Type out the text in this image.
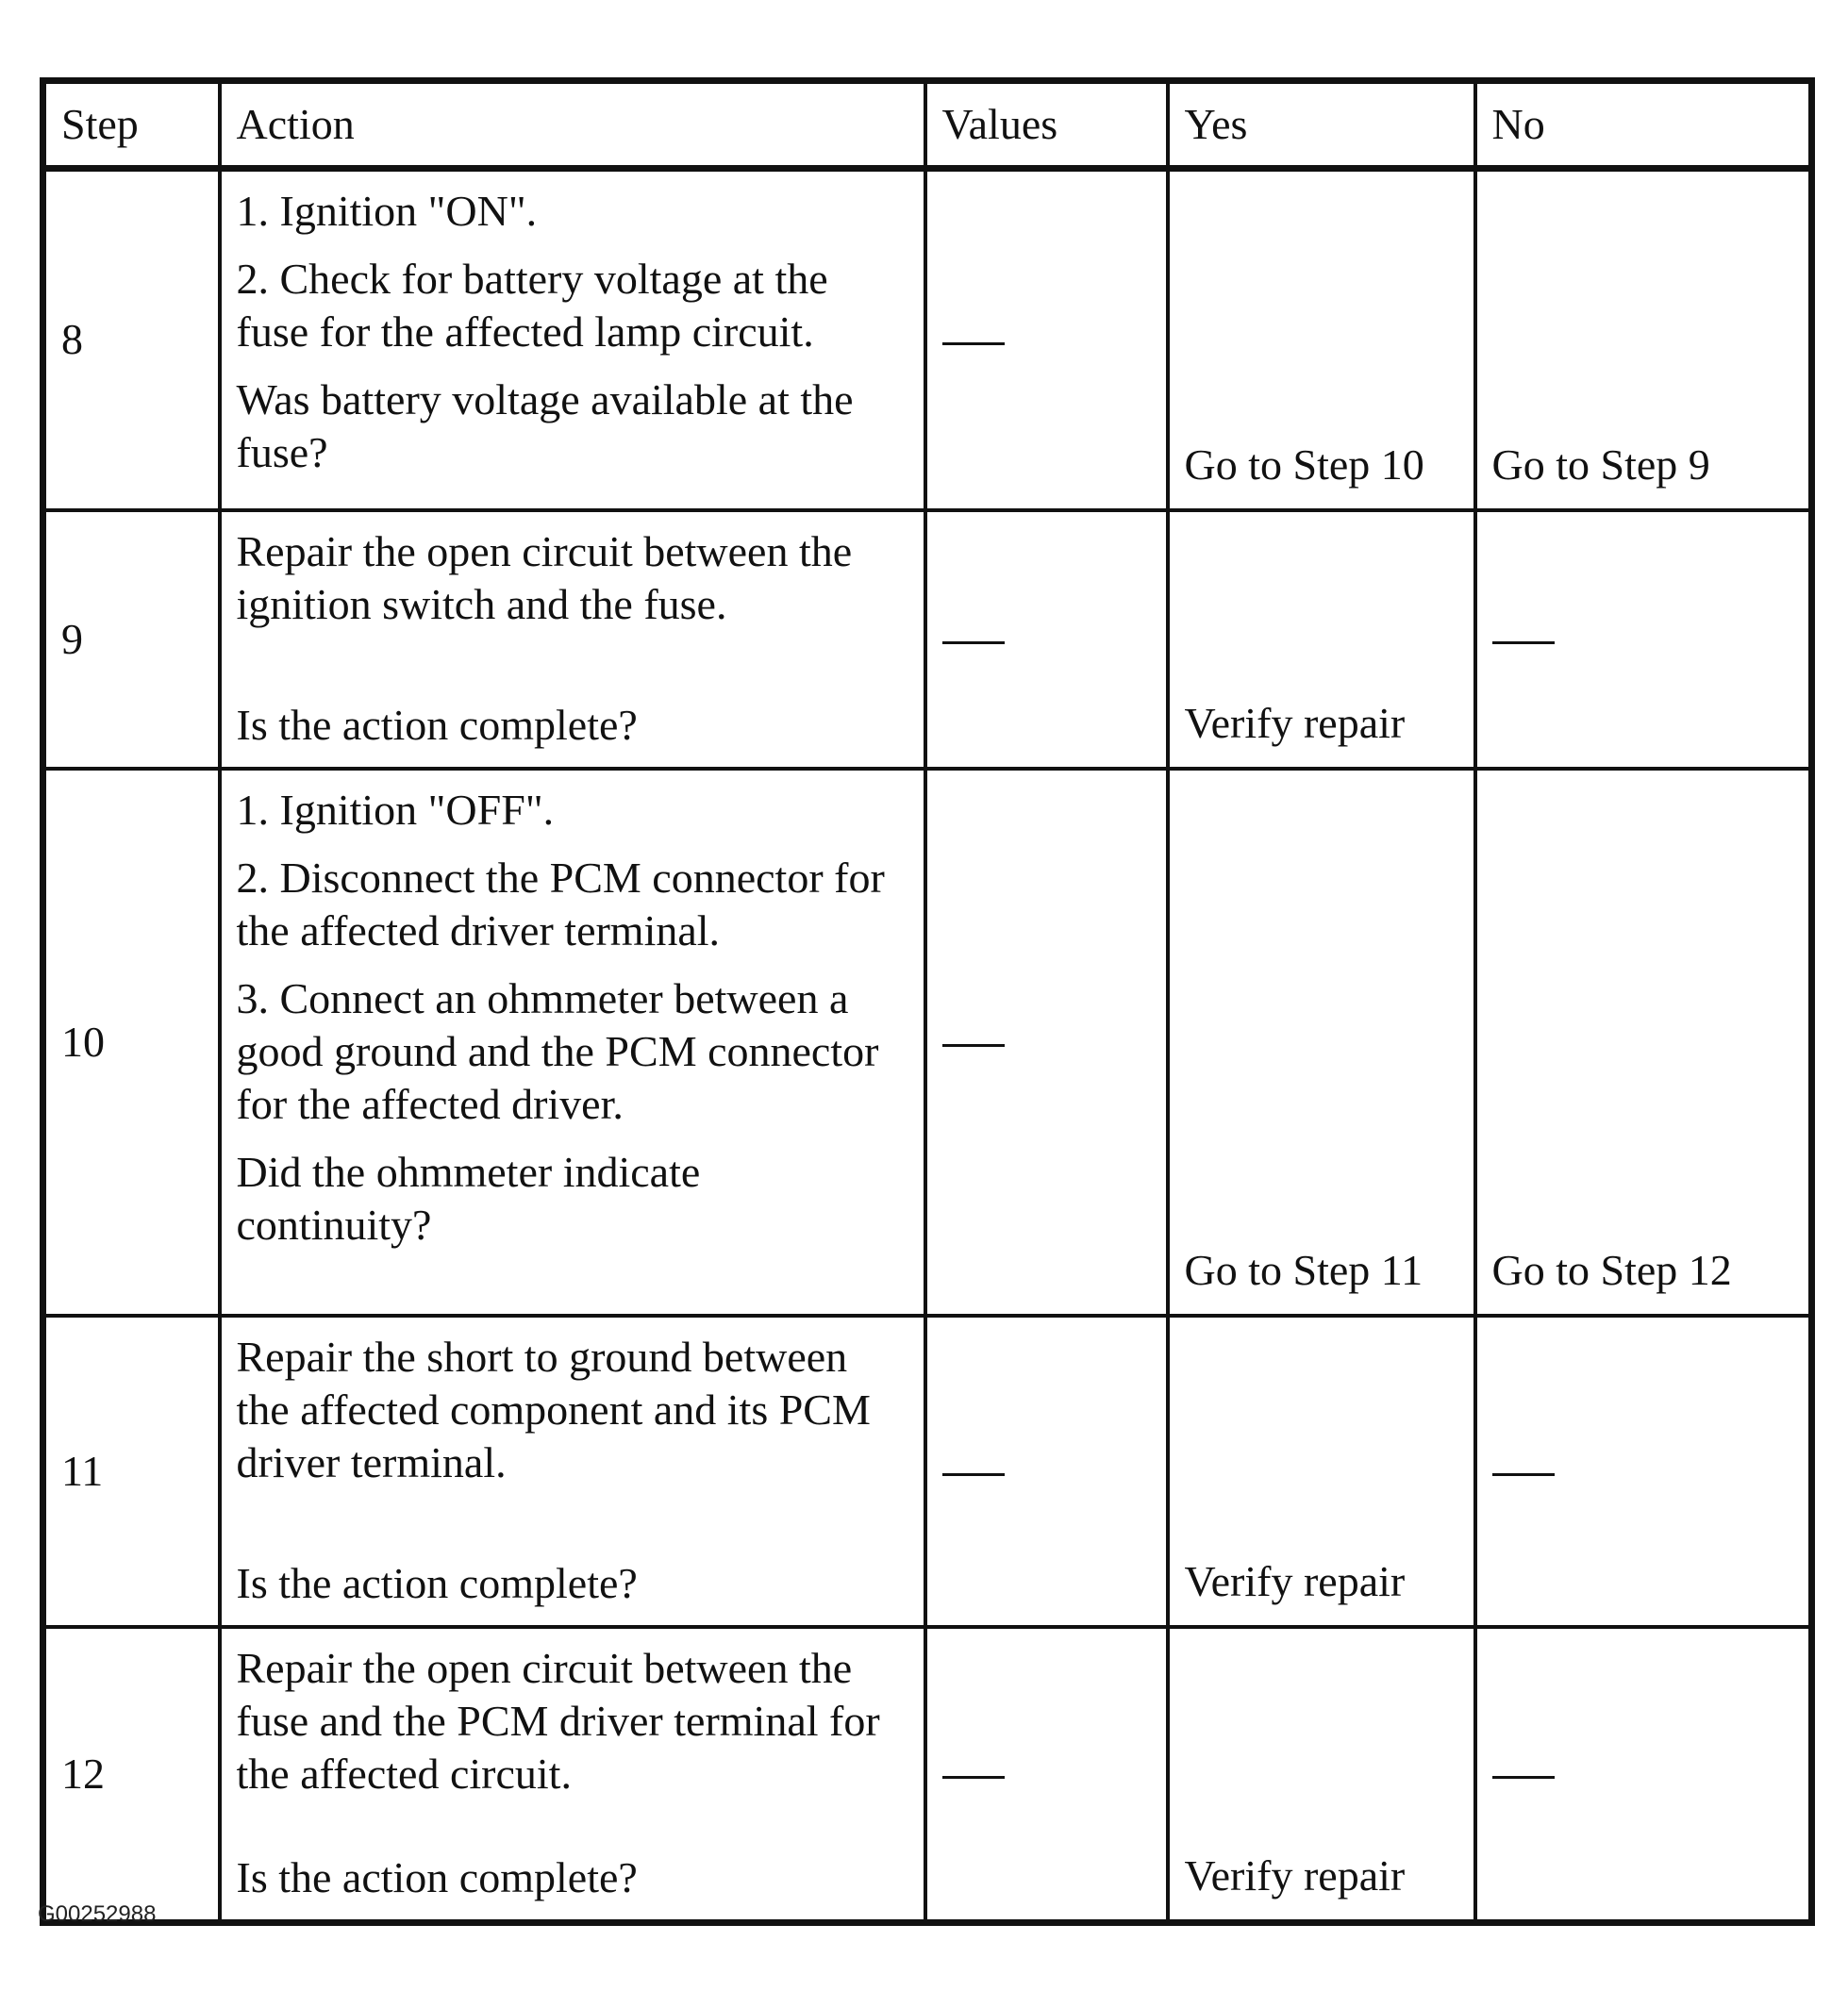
Step	Action	Values	Yes	No
8	1. Ignition "ON".

2. Check for battery voltage at the fuse for the affected lamp circuit.

Was battery voltage available at the fuse?		Go to Step 10	Go to Step 9
9	Repair the open circuit between the ignition switch and the fuse.

Is the action complete?		Verify repair	
10	1. Ignition "OFF".

2. Disconnect the PCM connector for the affected driver terminal.

3. Connect an ohmmeter between a good ground and the PCM connector for the affected driver.

Did the ohmmeter indicate continuity?		Go to Step 11	Go to Step 12
11	Repair the short to ground between the affected component and its PCM driver terminal.

Is the action complete?		Verify repair	
12	Repair the open circuit between the fuse and the PCM driver terminal for the affected circuit.

Is the action complete?		Verify repair	
G00252988
